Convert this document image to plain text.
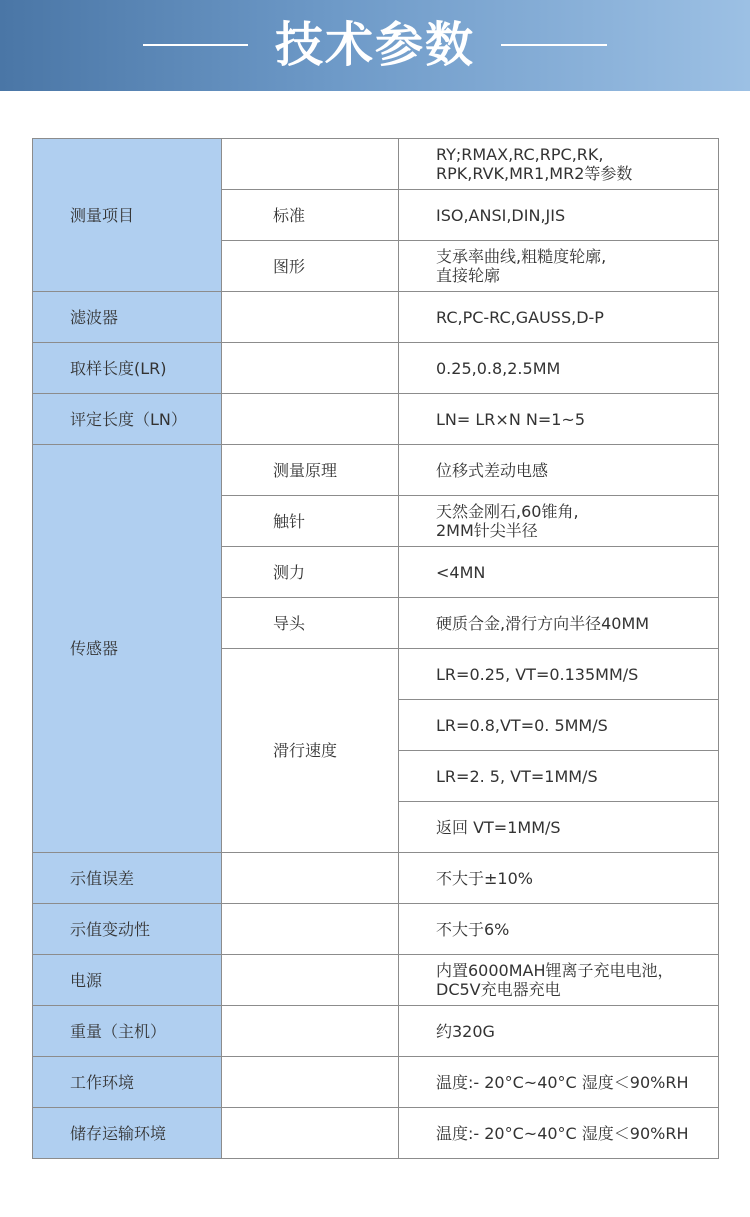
技术参数
测量项目		RY;RMAX,RC,RPC,RK,
RPK,RVK,MR1,MR2等参数
	标准	ISO,ANSI,DIN,JIS
	图形	支承率曲线,粗糙度轮廓,
直接轮廓
滤波器		RC,PC-RC,GAUSS,D-P
取样长度(LR)		0.25,0.8,2.5MM
评定长度（LN）		LN= LR×N N=1~5
传感器	测量原理	位移式差动电感
	触针	天然金刚石,60锥角,
2MM针尖半径
	测力	<4MN
	导头	硬质合金,滑行方向半径40MM
	滑行速度	LR=0.25, VT=0.135MM/S
		LR=0.8,VT=0. 5MM/S
		LR=2. 5, VT=1MM/S
		返回 VT=1MM/S
示值误差		不大于±10%
示值变动性		不大于6%
电源		内置6000MAH锂离子充电电池，
DC5V充电器充电
重量（主机）		约320G
工作环境		温度:- 20°C~40°C 湿度＜90%RH
储存运输环境		温度:- 20°C~40°C 湿度＜90%RH
